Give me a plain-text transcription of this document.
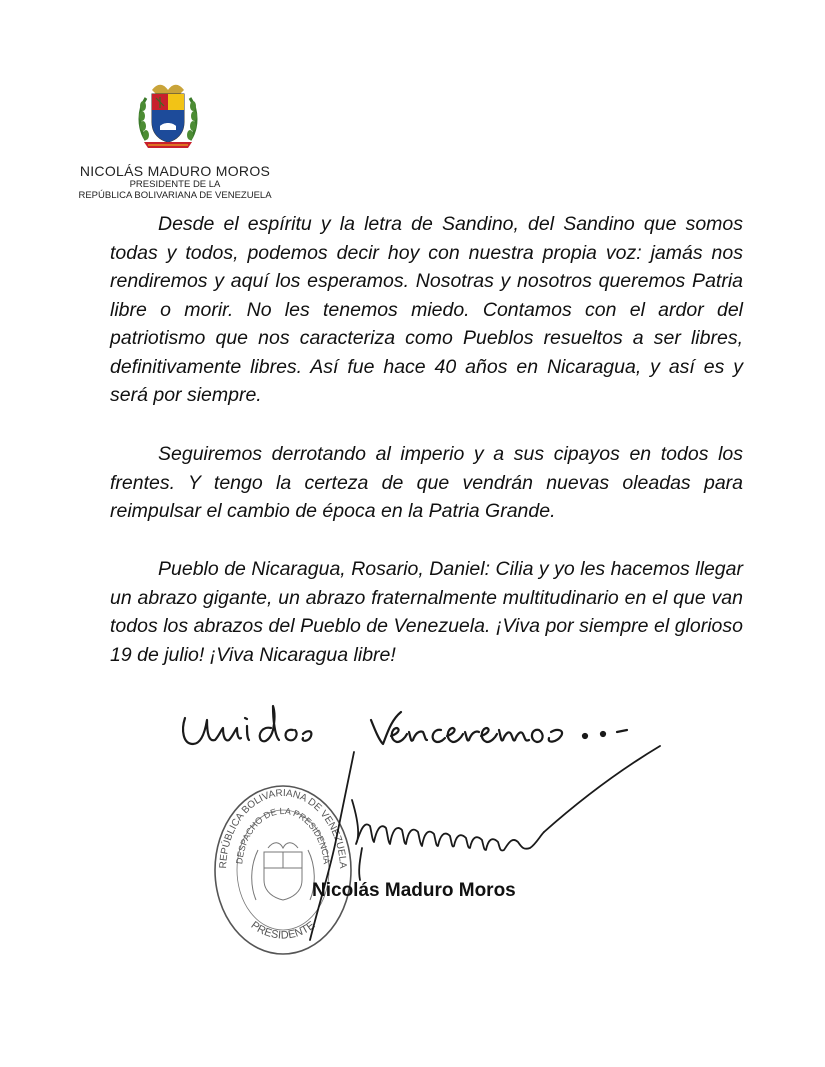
NICOLÁS MADURO MOROS
PRESIDENTE DE LA
REPÚBLICA BOLIVARIANA DE VENEZUELA

Desde el espíritu y la letra de Sandino, del Sandino que somos todas y todos, podemos decir hoy con nuestra propia voz: jamás nos rendiremos y aquí los esperamos. Nosotras y nosotros queremos Patria libre o morir. No les tenemos miedo. Contamos con el ardor del patriotismo que nos caracteriza como Pueblos resueltos a ser libres, definitivamente libres. Así fue hace 40 años en Nicaragua, y así es y será por siempre.

Seguiremos derrotando al imperio y a sus cipayos en todos los frentes. Y tengo la certeza de que vendrán nuevas oleadas para reimpulsar el cambio de época en la Patria Grande.

Pueblo de Nicaragua, Rosario, Daniel: Cilia y yo les hacemos llegar un abrazo gigante, un abrazo fraternalmente multitudinario en el que van todos los abrazos del Pueblo de Venezuela. ¡Viva por siempre el glorioso 19 de julio! ¡Viva Nicaragua libre!

REPÚBLICA BOLIVARIANA DE VENEZUELA
DESPACHO DE LA PRESIDENCIA
PRESIDENTE
Nicolás Maduro Moros
